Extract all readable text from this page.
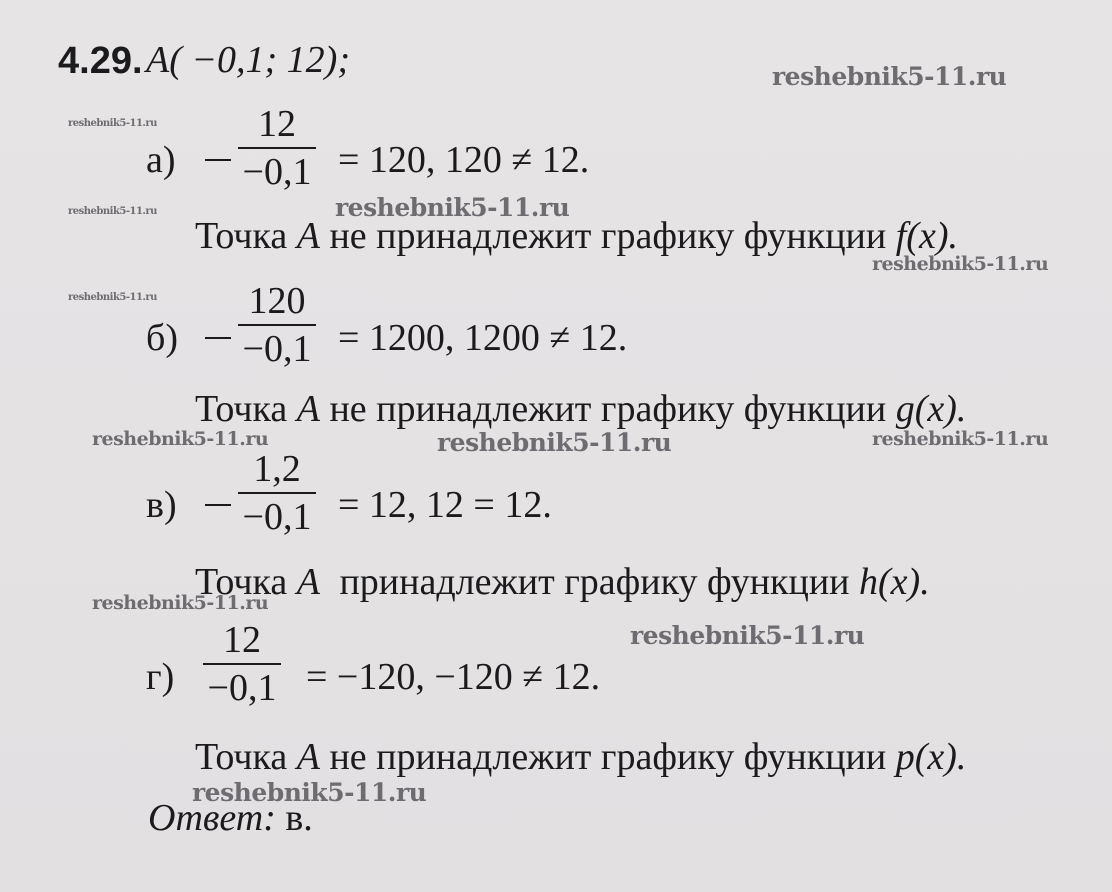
4.29. A( −0,1; 12);
а)
12
−0,1 = 120, 120 ≠ 12.
Точка A не принадлежит графику функции f(x).
б)
120
−0,1 = 1200, 1200 ≠ 12.
Точка A не принадлежит графику функции g(x).
в)
1,2
−0,1 = 12, 12 = 12.
Точка A принадлежит графику функции h(x).
г)
12
−0,1 = −120, −120 ≠ 12.
Точка A не принадлежит графику функции p(x).
Ответ: в.
reshebnik5-11.ru
reshebnik5-11.ru
reshebnik5-11.ru	reshebnik5-11.ru
reshebnik5-11.ru
reshebnik5-11.ru
reshebnik5-11.ru	reshebnik5-11.ru	reshebnik5-11.ru
reshebnik5-11.ru
reshebnik5-11.ru
reshebnik5-11.ru
